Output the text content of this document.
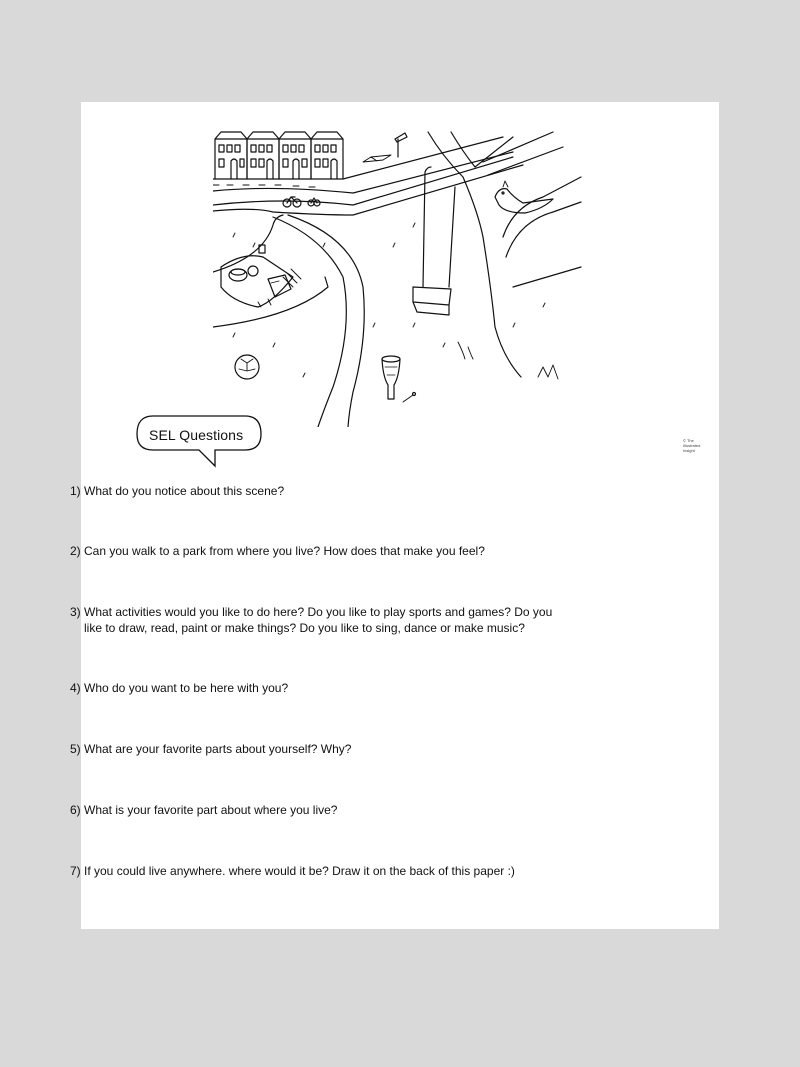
© The Illustrated Insight
SEL Questions
1) What do you notice about this scene?
2) Can you walk to a park from where you live? How does that make you feel?
3) What activities would you like to do here? Do you like to play sports and games? Do you
like to draw, read, paint or make things? Do you like to sing, dance or make music?
4) Who do you want to be here with you?
5) What are your favorite parts about yourself? Why?
6) What is your favorite part about where you live?
7) If you could live anywhere. where would it be? Draw it on the back of this paper :)
